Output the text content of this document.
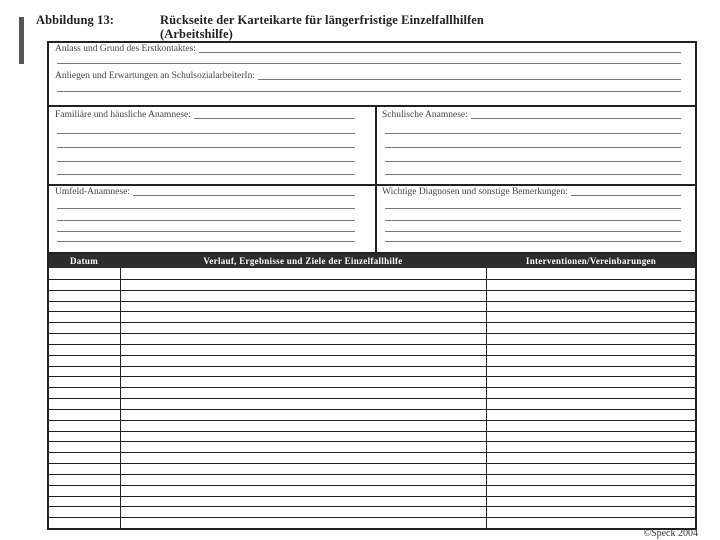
Abbildung 13:	Rückseite der Karteikarte für längerfristige Einzelfallhilfen
(Arbeitshilfe)
Anlass und Grund des Erstkontaktes:
Anliegen und Erwartungen an SchulsozialarbeiterIn:
Familiäre und häusliche Anamnese:	Schulische Anamnese:
Umfeld-Anamnese:	Wichtige Diagnosen und sonstige Bemerkungen:
Datum	Verlauf, Ergebnisse und Ziele der Einzelfallhilfe	Interventionen/Vereinbarungen
©Speck 2004
